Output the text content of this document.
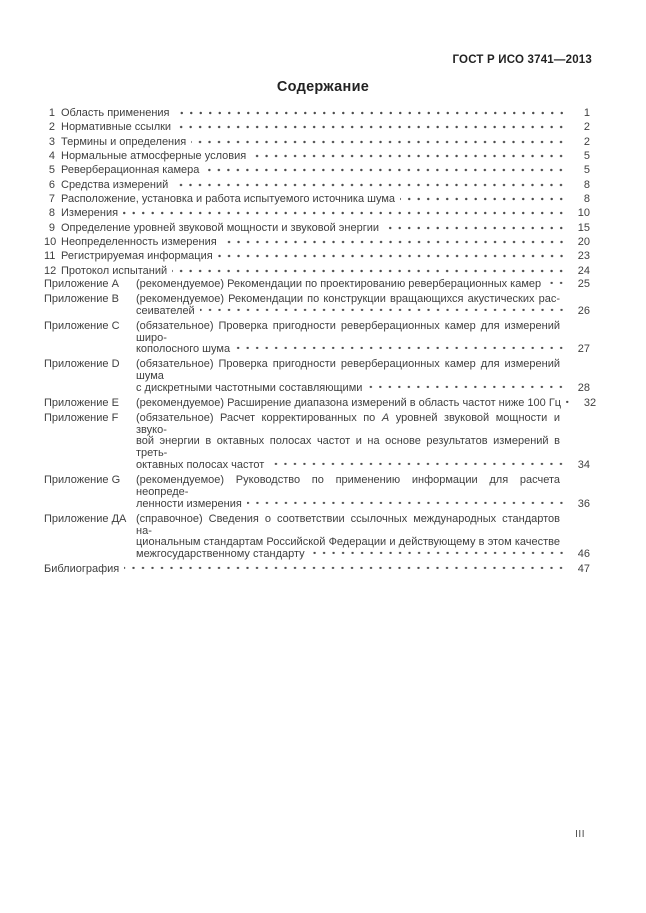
ГОСТ Р ИСО 3741—2013
Содержание
1 Область применения	1
2 Нормативные ссылки	2
3 Термины и определения	2
4 Нормальные атмосферные условия	5
5 Реверберационная камера	5
6 Средства измерений	8
7 Расположение, установка и работа испытуемого источника шума	8
8 Измерения	10
9 Определение уровней звуковой мощности и звуковой энергии	15
10 Неопределенность измерения	20
11 Регистрируемая информация	23
12 Протокол испытаний	24
Приложение A	(рекомендуемое) Рекомендации по проектированию реверберационных камер	25
Приложение B	(рекомендуемое) Рекомендации по конструкции вращающихся акустических рас-
сеивателей	26
Приложение C	(обязательное) Проверка пригодности реверберационных камер для измерений широ-
кополосного шума	27
Приложение D	(обязательное) Проверка пригодности реверберационных камер для измерений шума
с дискретными частотными составляющими	28
Приложение E	(рекомендуемое) Расширение диапазона измерений в область частот ниже 100 Гц	32
Приложение F	(обязательное) Расчет корректированных по A уровней звуковой мощности и звуко-
вой энергии в октавных полосах частот и на основе результатов измерений в треть-
октавных полосах частот	34
Приложение G	(рекомендуемое) Руководство по применению информации для расчета неопреде-
ленности измерения	36
Приложение ДА (справочное) Сведения о соответствии ссылочных международных стандартов на-
циональным стандартам Российской Федерации и действующему в этом качестве
межгосударственному стандарту	46
Библиография	47
III
